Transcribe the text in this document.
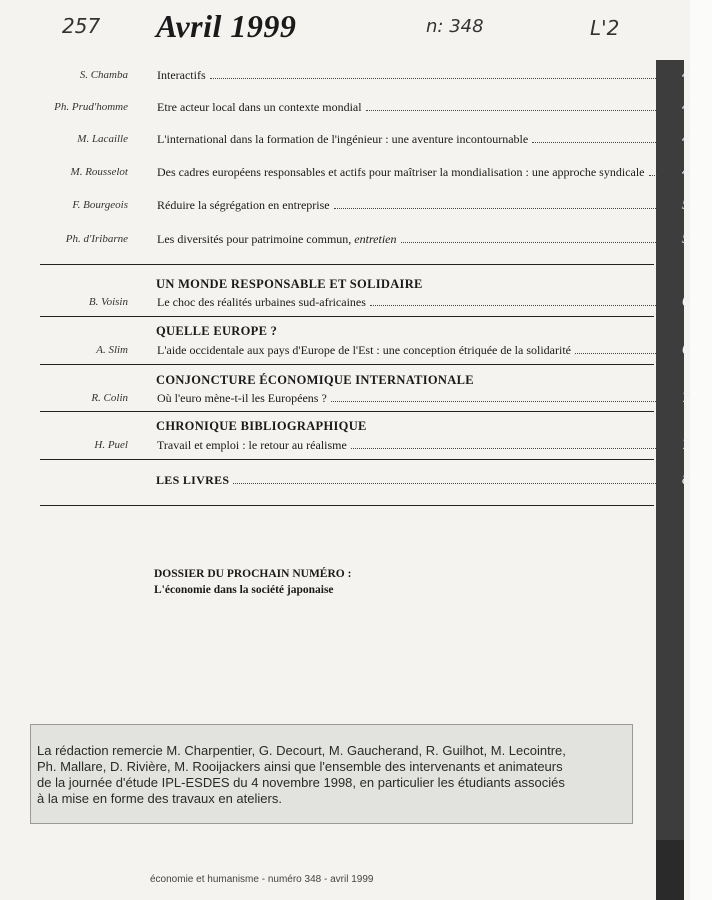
257	n: 348	L'2
Avril 1999
S. Chamba Interactifs	4
Ph. Prud'homme Etre acteur local dans un contexte mondial	4
M. Lacaille L'international dans la formation de l'ingénieur : une aventure incontournable	4
M. Rousselot Des cadres européens responsables et actifs pour maîtriser la mondialisation : une approche syndicale	4
F. Bourgeois Réduire la ségrégation en entreprise	5
Ph. d'Iribarne Les diversités pour patrimoine commun, entretien	5
UN MONDE RESPONSABLE ET SOLIDAIRE
B. Voisin Le choc des réalités urbaines sud-africaines	6
QUELLE EUROPE ?
A. Slim L'aide occidentale aux pays d'Europe de l'Est : une conception étriquée de la solidarité	6
CONJONCTURE ÉCONOMIQUE INTERNATIONALE
R. Colin Où l'euro mène-t-il les Européens ?	7
CHRONIQUE BIBLIOGRAPHIQUE
H. Puel Travail et emploi : le retour au réalisme	7
LES LIVRES	8
DOSSIER DU PROCHAIN NUMÉRO :
L'économie dans la société japonaise
La rédaction remercie M. Charpentier, G. Decourt, M. Gaucherand, R. Guilhot, M. Lecointre,
Ph. Mallare, D. Rivière, M. Rooijackers ainsi que l'ensemble des intervenants et animateurs
de la journée d'étude IPL-ESDES du 4 novembre 1998, en particulier les étudiants associés
à la mise en forme des travaux en ateliers.
économie et humanisme - numéro 348 - avril 1999
